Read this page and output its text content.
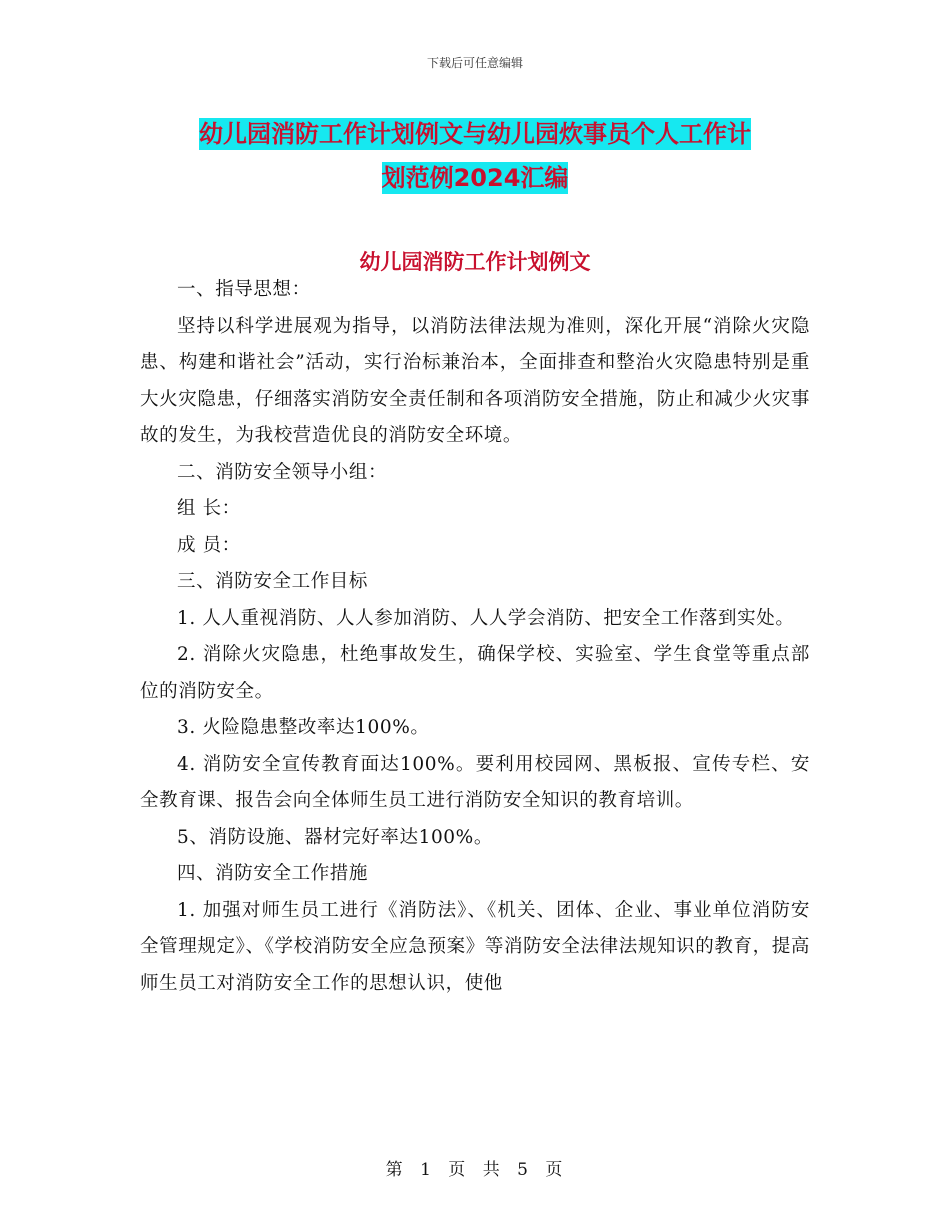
下载后可任意编辑
幼儿园消防工作计划例文与幼儿园炊事员个人工作计
划范例2024汇编
幼儿园消防工作计划例文

一、指导思想：

坚持以科学进展观为指导，以消防法律法规为准则，深化开展“消除火灾隐患、构建和谐社会”活动，实行治标兼治本，全面排查和整治火灾隐患特别是重大火灾隐患，仔细落实消防安全责任制和各项消防安全措施，防止和减少火灾事故的发生，为我校营造优良的消防安全环境。

二、消防安全领导小组：

组 长：

成 员：

三、消防安全工作目标

1. 人人重视消防、人人参加消防、人人学会消防、把安全工作落到实处。

2. 消除火灾隐患，杜绝事故发生，确保学校、实验室、学生食堂等重点部位的消防安全。

3. 火险隐患整改率达100%。

4. 消防安全宣传教育面达100%。要利用校园网、黑板报、宣传专栏、安全教育课、报告会向全体师生员工进行消防安全知识的教育培训。

5、消防设施、器材完好率达100%。

四、消防安全工作措施

1. 加强对师生员工进行《消防法》、《机关、团体、企业、事业单位消防安全管理规定》、《学校消防安全应急预案》等消防安全法律法规知识的教育，提高师生员工对消防安全工作的思想认识，使他

第 1 页 共 5 页
